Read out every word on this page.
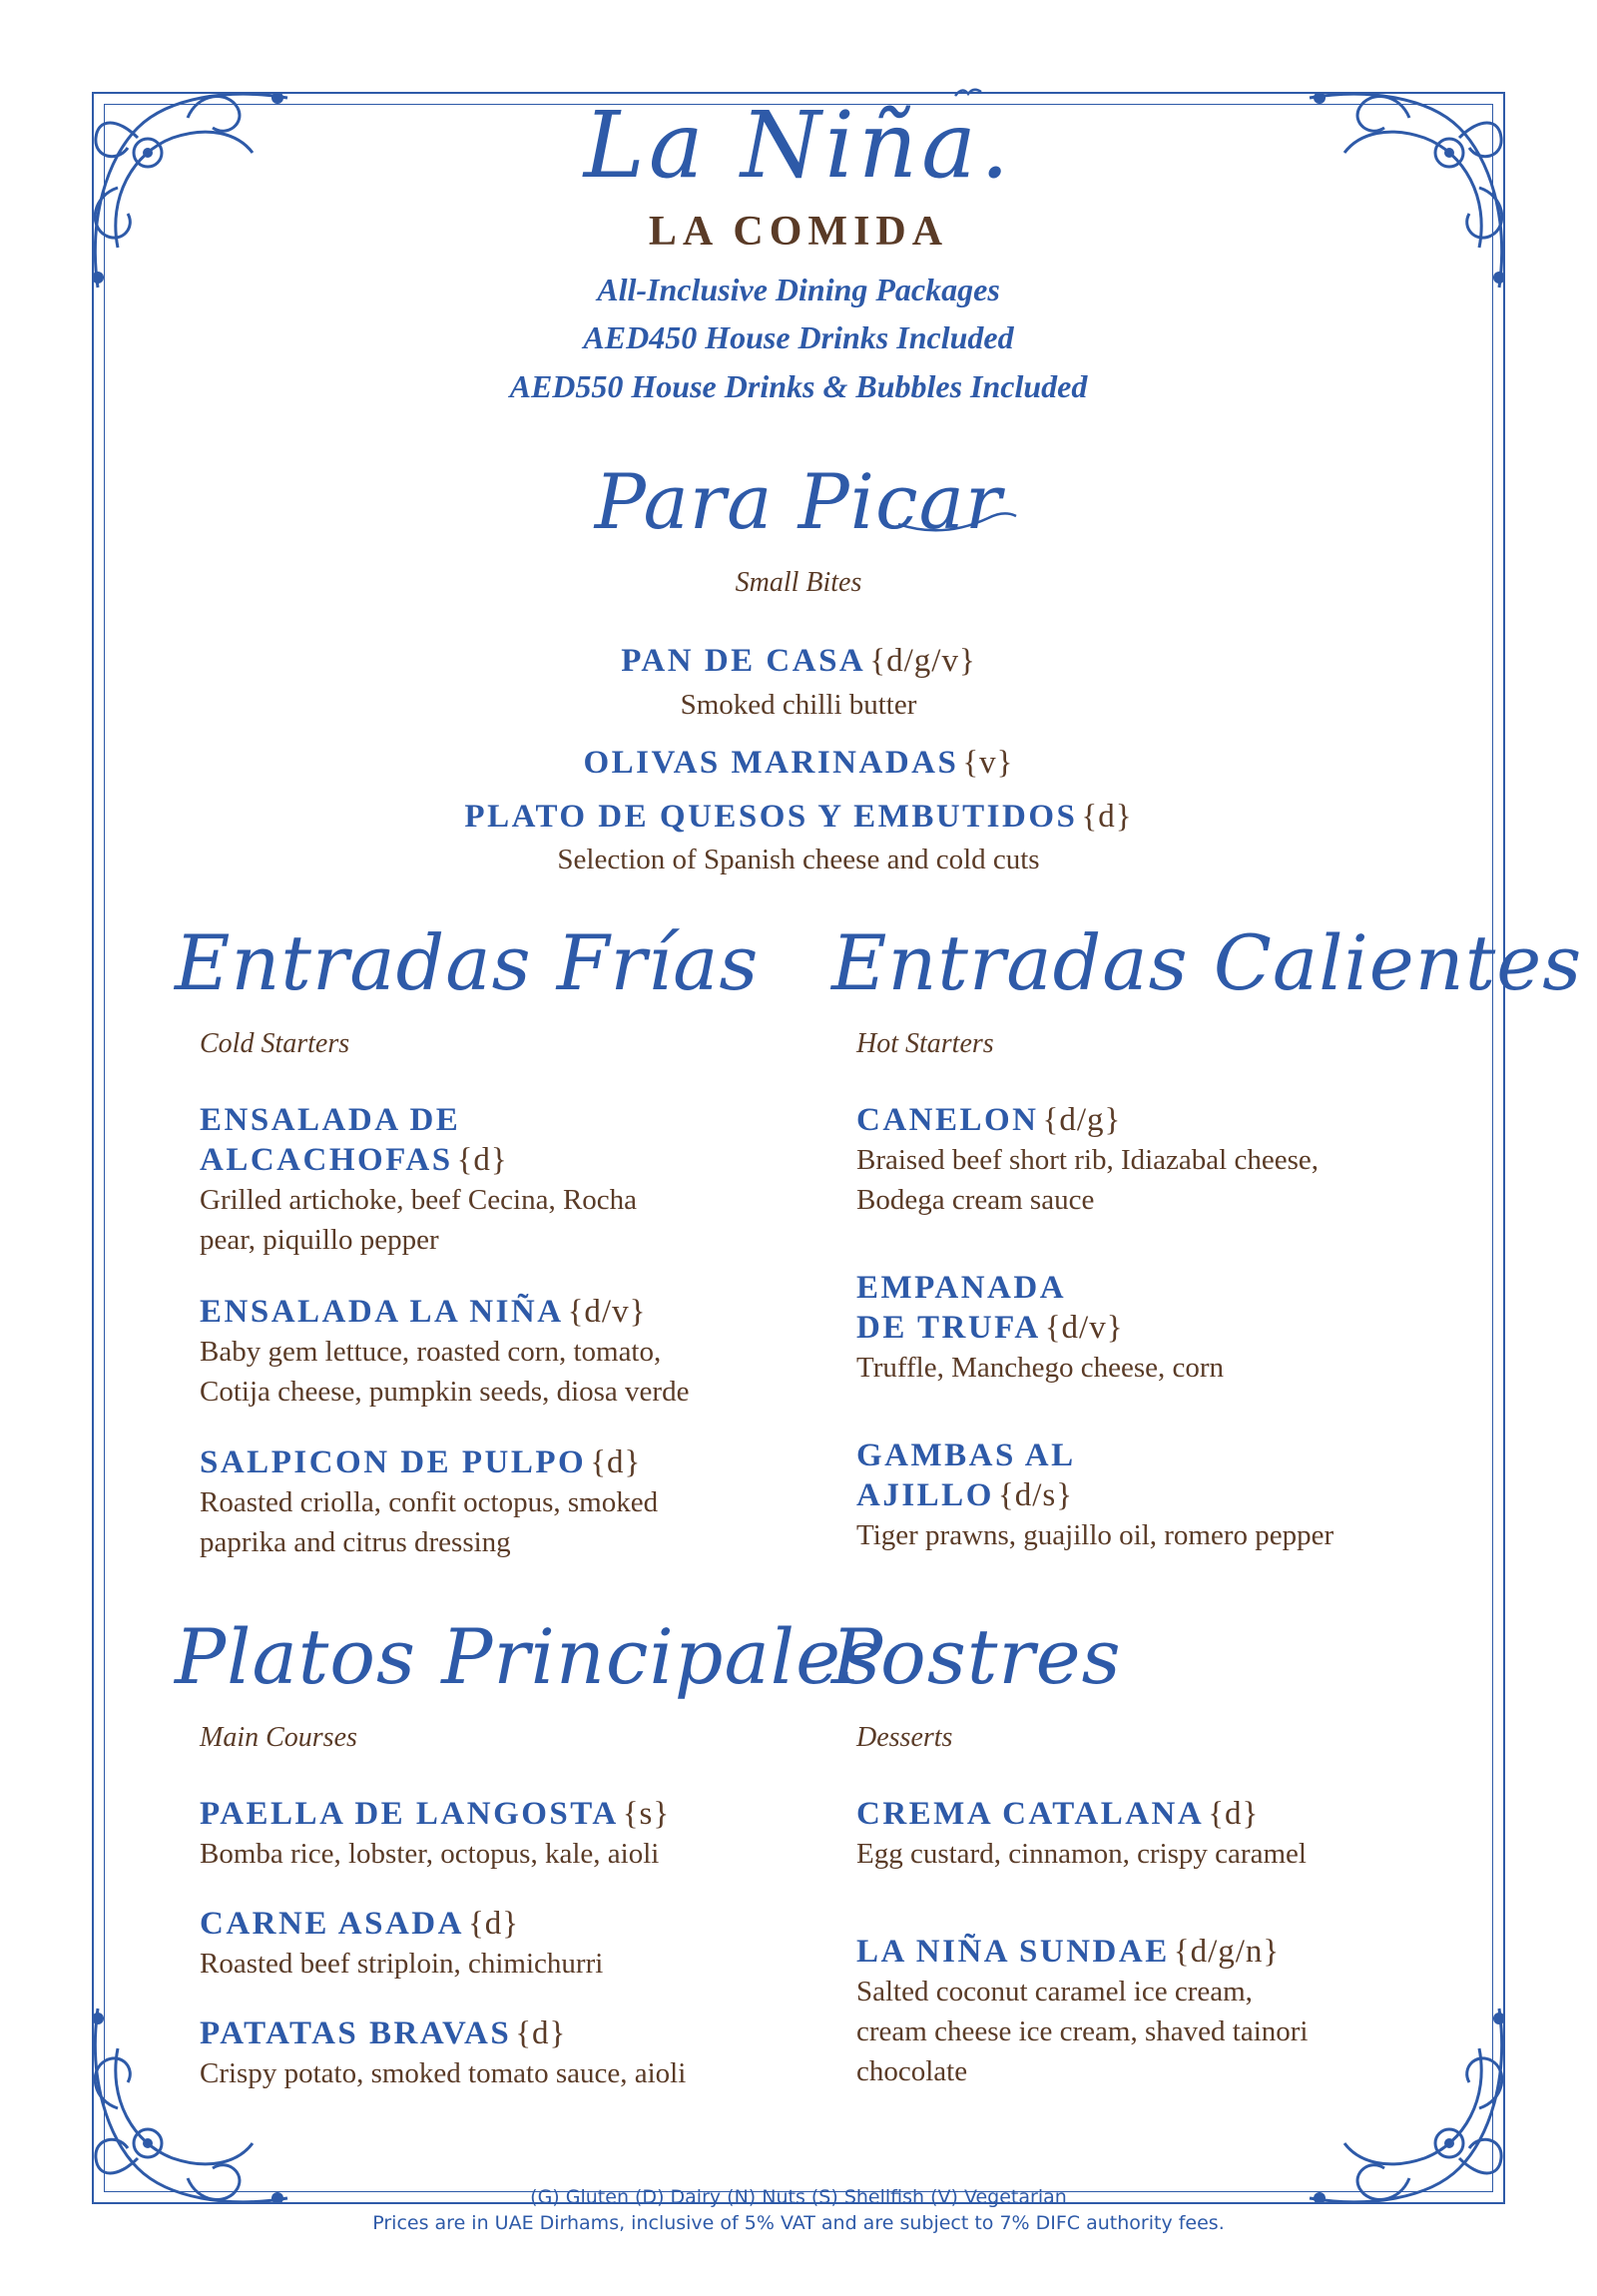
La Niña.
LA COMIDA
All-Inclusive Dining Packages
AED450 House Drinks Included
AED550 House Drinks & Bubbles Included
Para Picar
Small Bites
PAN DE CASA {d/g/v}
Smoked chilli butter
OLIVAS MARINADAS {v}
PLATO DE QUESOS Y EMBUTIDOS {d}
Selection of Spanish cheese and cold cuts
Entradas Frías
Cold Starters
ENSALADA DE
ALCACHOFAS {d}
Grilled artichoke, beef Cecina, Rocha
pear, piquillo pepper
ENSALADA LA NIÑA {d/v}
Baby gem lettuce, roasted corn, tomato,
Cotija cheese, pumpkin seeds, diosa verde
SALPICON DE PULPO {d}
Roasted criolla, confit octopus, smoked
paprika and citrus dressing
Entradas Calientes
Hot Starters
CANELON {d/g}
Braised beef short rib, Idiazabal cheese,
Bodega cream sauce
EMPANADA
DE TRUFA {d/v}
Truffle, Manchego cheese, corn
GAMBAS AL
AJILLO {d/s}
Tiger prawns, guajillo oil, romero pepper
Platos Principales
Main Courses
PAELLA DE LANGOSTA {s}
Bomba rice, lobster, octopus, kale, aioli
CARNE ASADA {d}
Roasted beef striploin, chimichurri
PATATAS BRAVAS {d}
Crispy potato, smoked tomato sauce, aioli
Postres
Desserts
CREMA CATALANA {d}
Egg custard, cinnamon, crispy caramel
LA NIÑA SUNDAE {d/g/n}
Salted coconut caramel ice cream,
cream cheese ice cream, shaved tainori
chocolate
(G) Gluten (D) Dairy (N) Nuts (S) Shellfish (V) Vegetarian
Prices are in UAE Dirhams, inclusive of 5% VAT and are subject to 7% DIFC authority fees.
